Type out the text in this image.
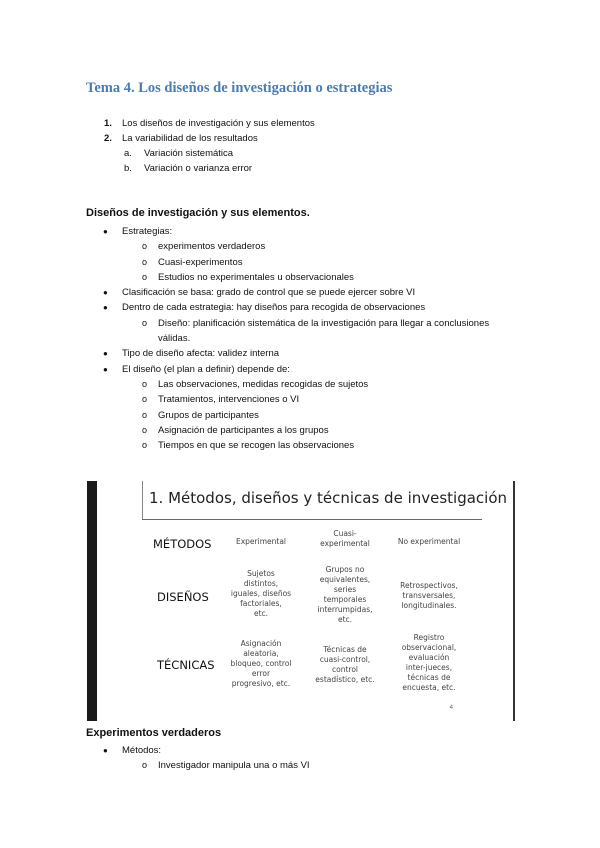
Tema 4. Los diseños de investigación o estrategias
1. Los diseños de investigación y sus elementos
2. La variabilidad de los resultados
a. Variación sistemática
b. Variación o varianza error
Diseños de investigación y sus elementos.
● Estrategias:
o experimentos verdaderos
o Cuasi-experimentos
o Estudios no experimentales u observacionales
● Clasificación se basa: grado de control que se puede ejercer sobre VI
● Dentro de cada estrategia: hay diseños para recogida de observaciones
o Diseño: planificación sistemática de la investigación para llegar a conclusiones
válidas.
● Tipo de diseño afecta: validez interna
● El diseño (el plan a definir) depende de:
o Las observaciones, medidas recogidas de sujetos
o Tratamientos, intervenciones o VI
o Grupos de participantes
o Asignación de participantes a los grupos
o Tiempos en que se recogen las observaciones
1. Métodos, diseños y técnicas de investigación
MÉTODOS
DISEÑOS
TÉCNICAS
Experimental
Cuasi-
experimental	No experimental
Sujetos
distintos,
iguales, diseños
factoriales,
etc.
Grupos no
equivalentes,
series
temporales
interrumpidas,
etc.
Retrospectivos,
transversales,
longitudinales.
Asignación
aleatoria,
bloqueo, control
error
progresivo, etc.
Técnicas de
cuasi-control,
control
estadístico, etc.
Registro
observacional,
evaluación
inter-jueces,
técnicas de
encuesta, etc.
4
Experimentos verdaderos
● Métodos:
o Investigador manipula una o más VI
